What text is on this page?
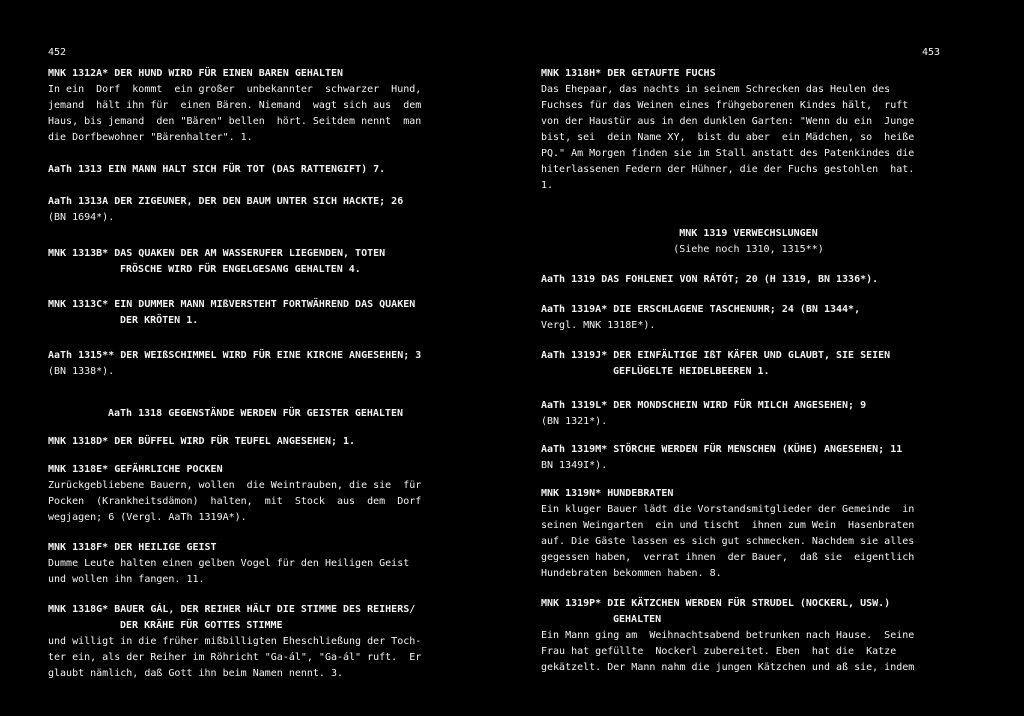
452	453

MNK 1312A* DER HUND WIRD FÜR EINEN BAREN GEHALTEN

In ein  Dorf  kommt  ein großer  unbekannter  schwarzer  Hund,
jemand  hält ihn für  einen Bären. Niemand  wagt sich aus  dem
Haus, bis jemand  den "Bären" bellen  hört. Seitdem nennt  man
die Dorfbewohner "Bärenhalter". 1.

AaTh 1313 EIN MANN HALT SICH FÜR TOT (DAS RATTENGIFT) 7.

AaTh 1313A DER ZIGEUNER, DER DEN BAUM UNTER SICH HACKTE; 26

(BN 1694*).

MNK 1313B* DAS QUAKEN DER AM WASSERUFER LIEGENDEN, TOTEN

FRÖSCHE WIRD FÜR ENGELGESANG GEHALTEN 4.

MNK 1313C* EIN DUMMER MANN MIßVERSTEHT FORTWÄHREND DAS QUAKEN

DER KRÖTEN 1.

AaTh 1315** DER WEIßSCHIMMEL WIRD FÜR EINE KIRCHE ANGESEHEN; 3

(BN 1338*).

AaTh 1318 GEGENSTÄNDE WERDEN FÜR GEISTER GEHALTEN

MNK 1318D* DER BÜFFEL WIRD FÜR TEUFEL ANGESEHEN; 1.

MNK 1318E* GEFÄHRLICHE POCKEN

Zurückgebliebene Bauern, wollen  die Weintrauben, die sie  für
Pocken  (Krankheitsdämon)  halten,  mit  Stock  aus  dem  Dorf
wegjagen; 6 (Vergl. AaTh 1319A*).

MNK 1318F* DER HEILIGE GEIST

Dumme Leute halten einen gelben Vogel für den Heiligen Geist
und wollen ihn fangen. 11.

MNK 1318G* BAUER GÁL, DER REIHER HÄLT DIE STIMME DES REIHERS/

DER KRÄHE FÜR GOTTES STIMME

und willigt in die früher mißbilligten Eheschließung der Toch-
ter ein, als der Reiher im Röhricht "Ga-ál", "Ga-ál" ruft.  Er
glaubt nämlich, daß Gott ihn beim Namen nennt. 3.

MNK 1318H* DER GETAUFTE FUCHS

Das Ehepaar, das nachts in seinem Schrecken das Heulen des
Fuchses für das Weinen eines frühgeborenen Kindes hält,  ruft
von der Haustür aus in den dunklen Garten: "Wenn du ein  Junge
bist, sei  dein Name XY,  bist du aber  ein Mädchen, so  heiße
PQ." Am Morgen finden sie im Stall anstatt des Patenkindes die
hiterlassenen Federn der Hühner, die der Fuchs gestohlen  hat.
1.

MNK 1319 VERWECHSLUNGEN

(Siehe noch 1310, 1315**)

AaTh 1319 DAS FOHLENEI VON RÁTÓT; 20 (H 1319, BN 1336*).

AaTh 1319A* DIE ERSCHLAGENE TASCHENUHR; 24 (BN 1344*,

Vergl. MNK 1318E*).

AaTh 1319J* DER EINFÄLTIGE IßT KÄFER UND GLAUBT, SIE SEIEN

GEFLÜGELTE HEIDELBEEREN 1.

AaTh 1319L* DER MONDSCHEIN WIRD FÜR MILCH ANGESEHEN; 9

(BN 1321*).

AaTh 1319M* STÖRCHE WERDEN FÜR MENSCHEN (KÜHE) ANGESEHEN; 11

BN 1349I*).

MNK 1319N* HUNDEBRATEN

Ein kluger Bauer lädt die Vorstandsmitglieder der Gemeinde  in
seinen Weingarten  ein und tischt  ihnen zum Wein  Hasenbraten
auf. Die Gäste lassen es sich gut schmecken. Nachdem sie alles
gegessen haben,  verrat ihnen  der Bauer,  daß sie  eigentlich
Hundebraten bekommen haben. 8.

MNK 1319P* DIE KÄTZCHEN WERDEN FÜR STRUDEL (NOCKERL, USW.)

GEHALTEN

Ein Mann ging am  Weihnachtsabend betrunken nach Hause.  Seine
Frau hat gefüllte  Nockerl zubereitet. Eben  hat die  Katze
gekätzelt. Der Mann nahm die jungen Kätzchen und aß sie, indem
